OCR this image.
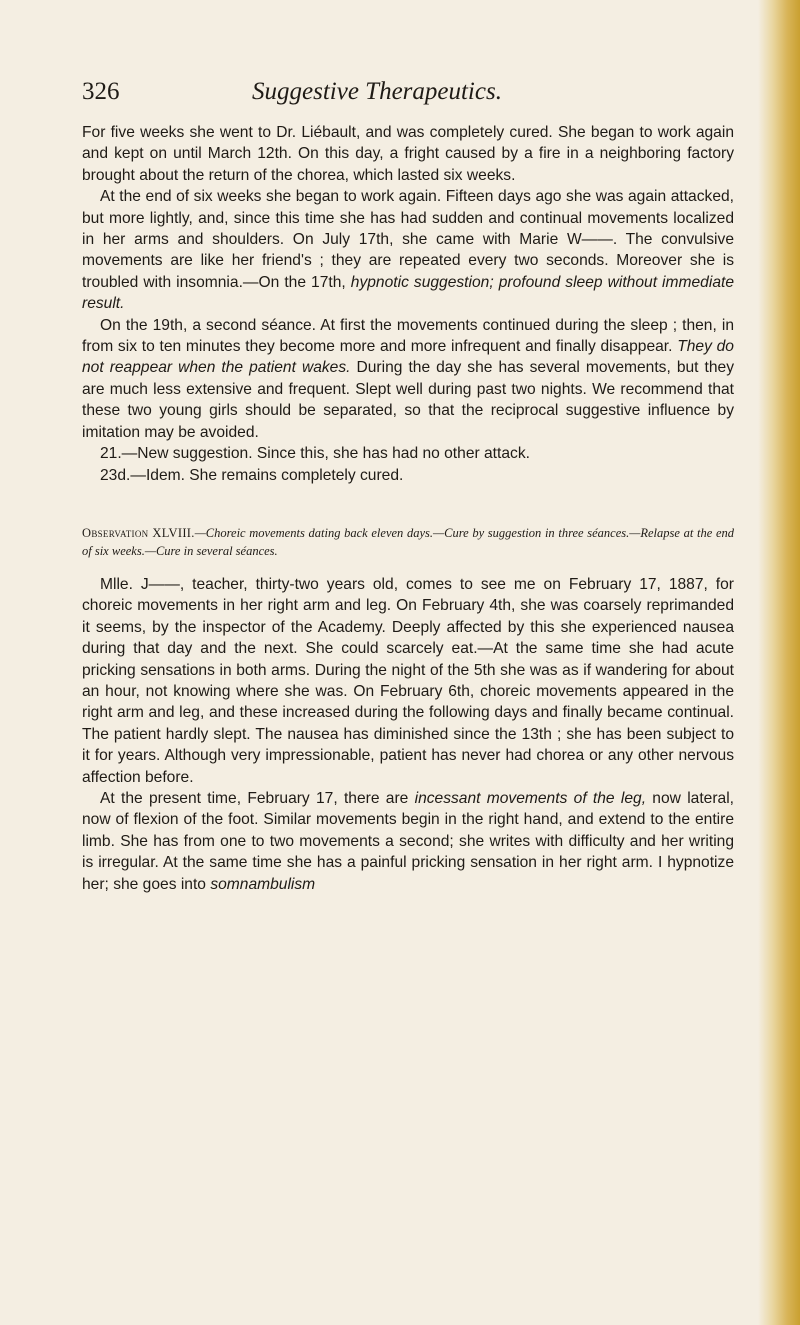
326	Suggestive Therapeutics.

For five weeks she went to Dr. Liébault, and was completely cured. She began to work again and kept on until March 12th. On this day, a fright caused by a fire in a neighboring factory brought about the return of the chorea, which lasted six weeks.

At the end of six weeks she began to work again. Fifteen days ago she was again attacked, but more lightly, and, since this time she has had sudden and continual movements localized in her arms and shoulders. On July 17th, she came with Marie W——. The convulsive movements are like her friend's ; they are repeated every two seconds. Moreover she is troubled with insomnia.—On the 17th, hypnotic suggestion; profound sleep without immediate result.

On the 19th, a second séance. At first the movements continued during the sleep ; then, in from six to ten minutes they become more and more infrequent and finally disappear. They do not reappear when the patient wakes. During the day she has several movements, but they are much less extensive and frequent. Slept well during past two nights. We recommend that these two young girls should be separated, so that the reciprocal suggestive influence by imitation may be avoided.

21.—New suggestion. Since this, she has had no other attack.

23d.—Idem. She remains completely cured.

Observation XLVIII.—Choreic movements dating back eleven days.—Cure by suggestion in three séances.—Relapse at the end of six weeks.—Cure in several séances.

Mlle. J——, teacher, thirty-two years old, comes to see me on February 17, 1887, for choreic movements in her right arm and leg. On February 4th, she was coarsely reprimanded it seems, by the inspector of the Academy. Deeply affected by this she experienced nausea during that day and the next. She could scarcely eat.—At the same time she had acute pricking sensations in both arms. During the night of the 5th she was as if wandering for about an hour, not knowing where she was. On February 6th, choreic movements appeared in the right arm and leg, and these increased during the following days and finally became continual. The patient hardly slept. The nausea has diminished since the 13th ; she has been subject to it for years. Although very impressionable, patient has never had chorea or any other nervous affection before.

At the present time, February 17, there are incessant movements of the leg, now lateral, now of flexion of the foot. Similar movements begin in the right hand, and extend to the entire limb. She has from one to two movements a second; she writes with difficulty and her writing is irregular. At the same time she has a painful pricking sensation in her right arm. I hypnotize her; she goes into somnambulism
